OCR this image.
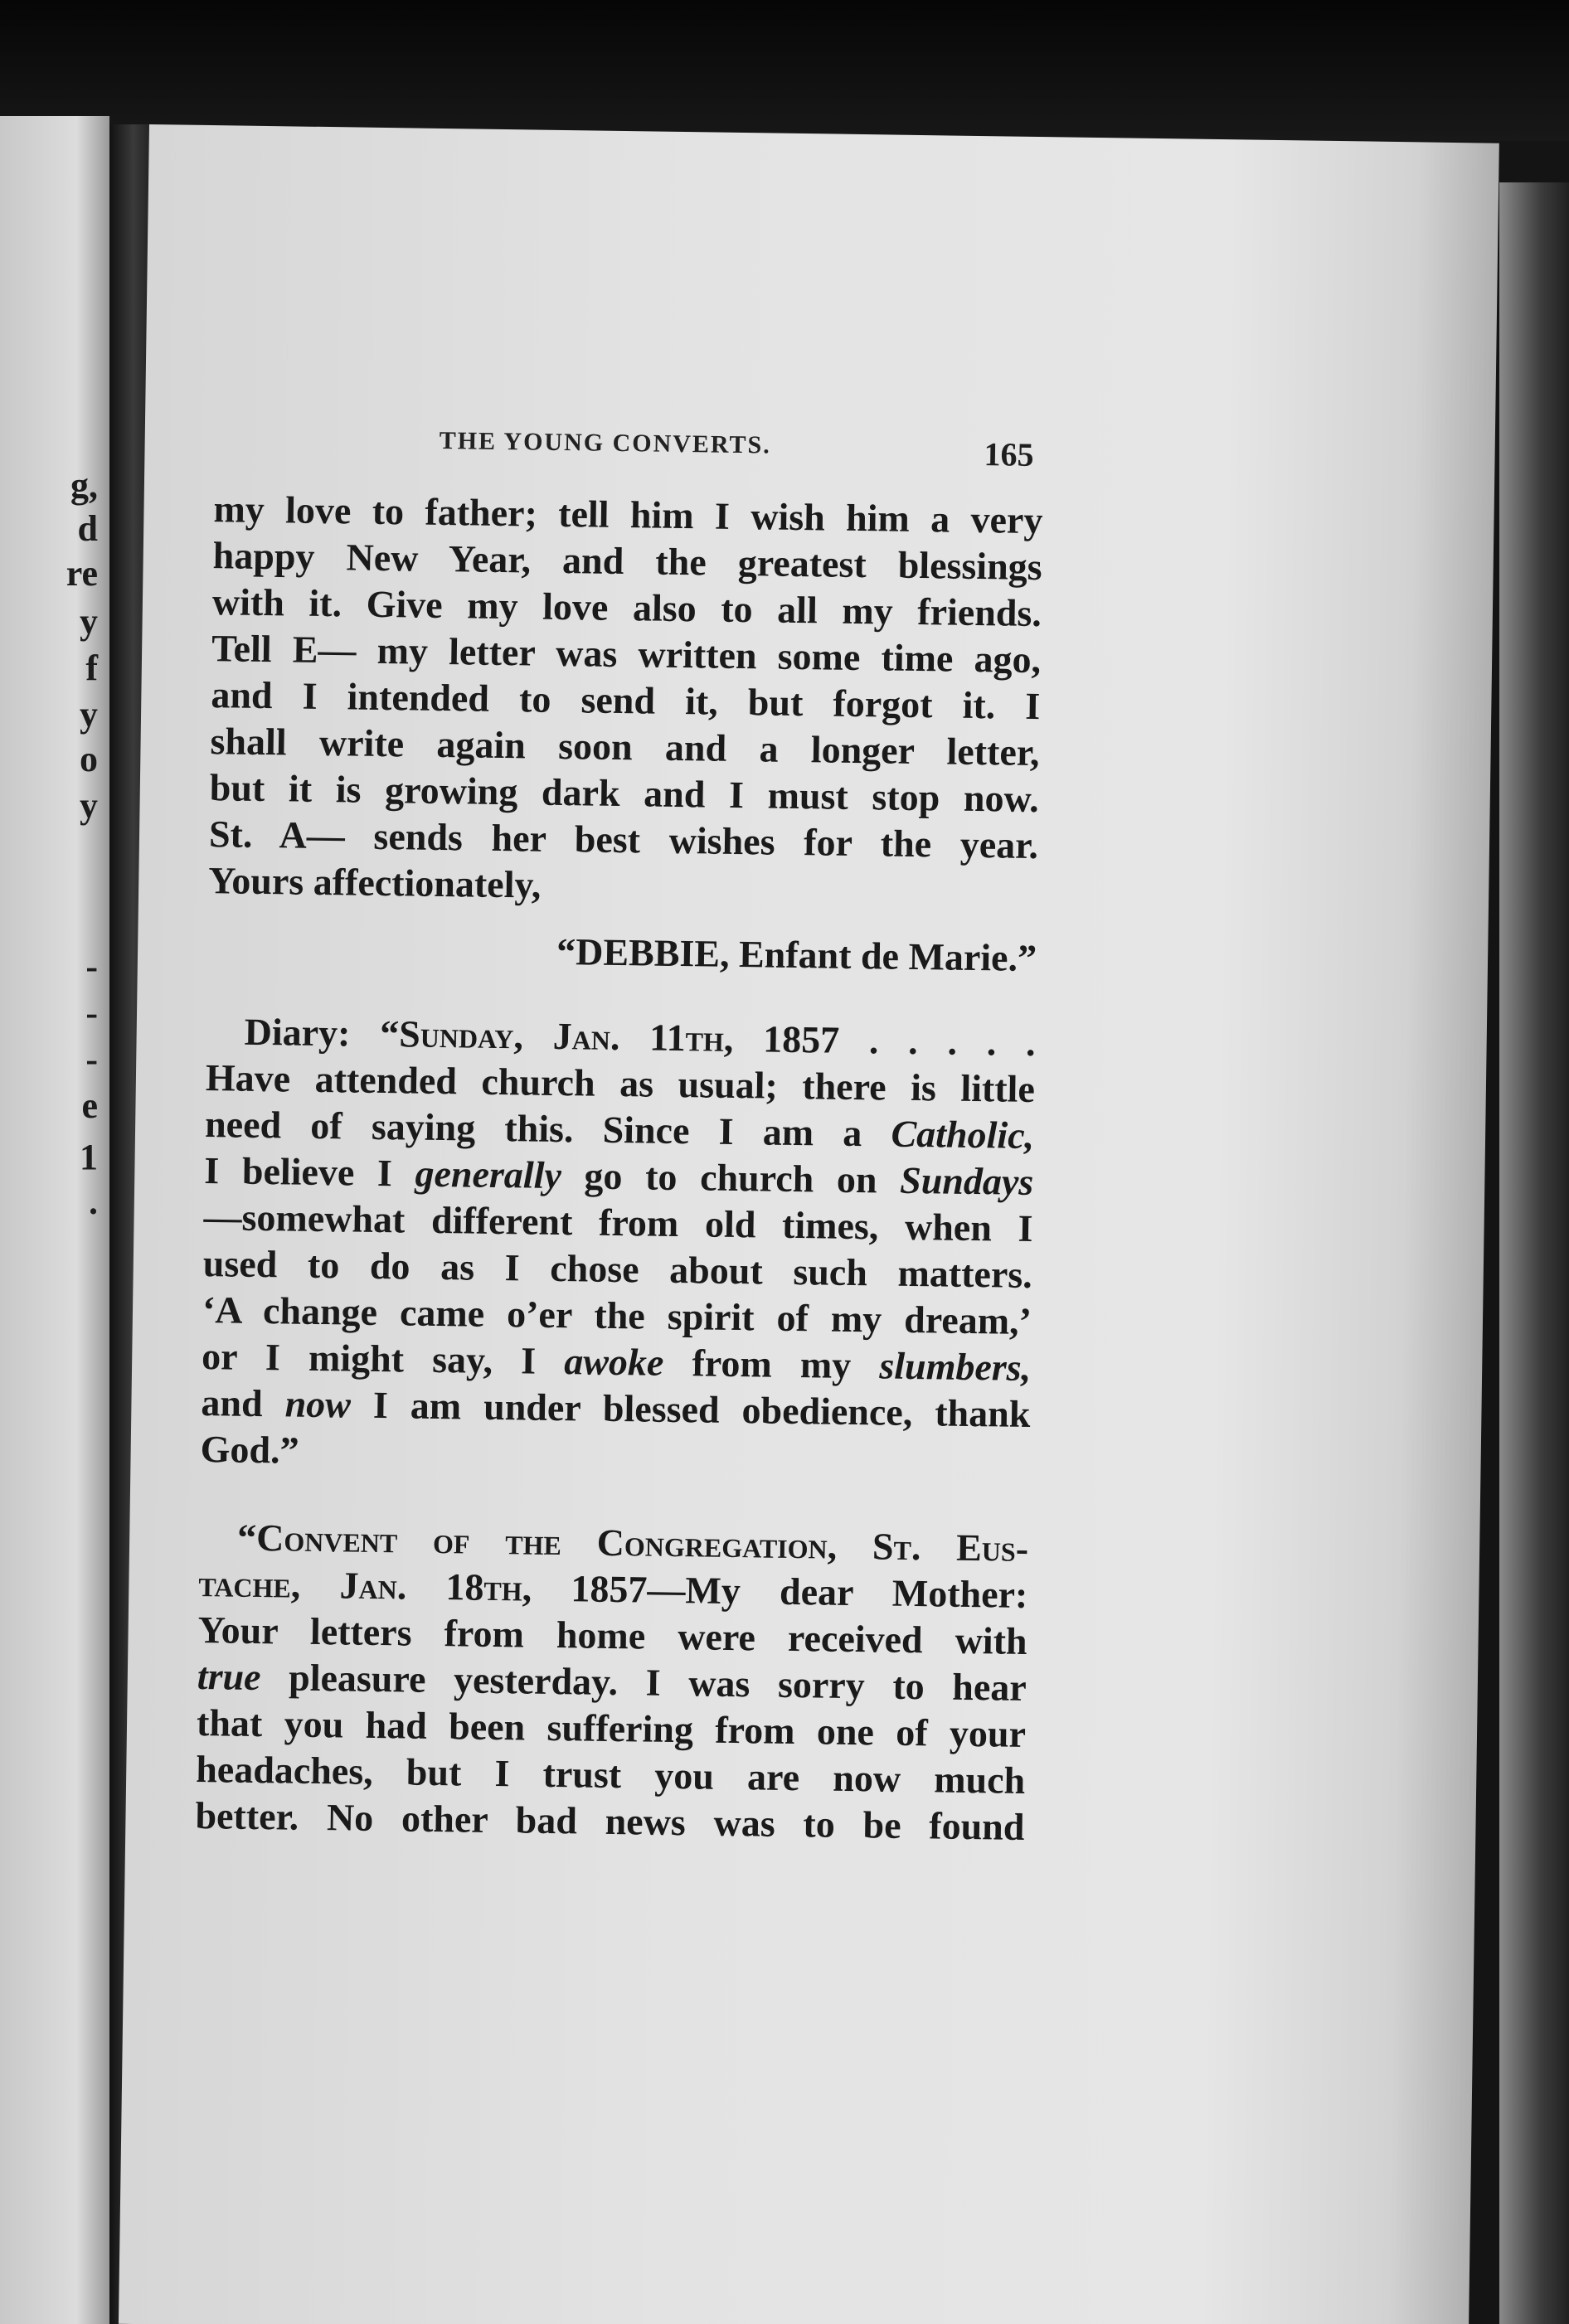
g,
d
re
y
f
y
o
y
-
-
-
e
1
.
THE YOUNG CONVERTS.	165
my love to father; tell him I wish him a very
happy New Year, and the greatest blessings
with it. Give my love also to all my friends.
Tell E— my letter was written some time ago,
and I intended to send it, but forgot it. I
shall write again soon and a longer letter,
but it is growing dark and I must stop now.
St. A— sends her best wishes for the year.
Yours affectionately,
“DEBBIE, Enfant de Marie.”
Diary: “Sunday, Jan. 11th, 1857 . . . . .
Have attended church as usual; there is little
need of saying this. Since I am a Catholic,
I believe I generally go to church on Sundays
—somewhat different from old times, when I
used to do as I chose about such matters.
‘A change came o’er the spirit of my dream,’
or I might say, I awoke from my slumbers,
and now I am under blessed obedience, thank
God.”
“Convent of the Congregation, St. Eus-
tache, Jan. 18th, 1857—My dear Mother:
Your letters from home were received with
true pleasure yesterday. I was sorry to hear
that you had been suffering from one of your
headaches, but I trust you are now much
better. No other bad news was to be found
